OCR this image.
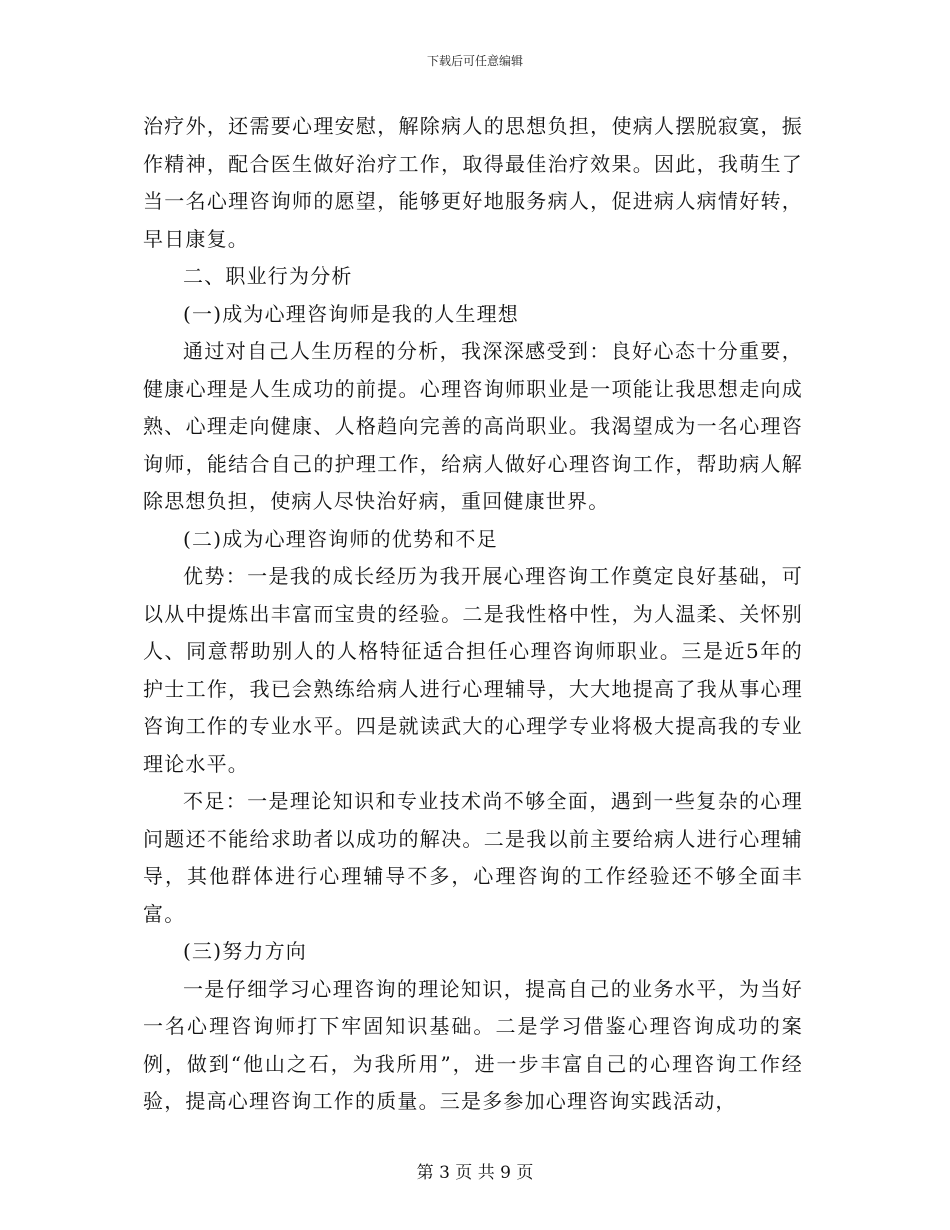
下载后可任意编辑

治疗外，还需要心理安慰，解除病人的思想负担，使病人摆脱寂寞，振作精神，配合医生做好治疗工作，取得最佳治疗效果。因此，我萌生了当一名心理咨询师的愿望，能够更好地服务病人，促进病人病情好转，早日康复。

二、职业行为分析

(一)成为心理咨询师是我的人生理想

通过对自己人生历程的分析，我深深感受到：良好心态十分重要，健康心理是人生成功的前提。心理咨询师职业是一项能让我思想走向成熟、心理走向健康、人格趋向完善的高尚职业。我渴望成为一名心理咨询师，能结合自己的护理工作，给病人做好心理咨询工作，帮助病人解除思想负担，使病人尽快治好病，重回健康世界。

(二)成为心理咨询师的优势和不足

优势：一是我的成长经历为我开展心理咨询工作奠定良好基础，可以从中提炼出丰富而宝贵的经验。二是我性格中性，为人温柔、关怀别人、同意帮助别人的人格特征适合担任心理咨询师职业。三是近5年的护士工作，我已会熟练给病人进行心理辅导，大大地提高了我从事心理咨询工作的专业水平。四是就读武大的心理学专业将极大提高我的专业理论水平。

不足：一是理论知识和专业技术尚不够全面，遇到一些复杂的心理问题还不能给求助者以成功的解决。二是我以前主要给病人进行心理辅导，其他群体进行心理辅导不多，心理咨询的工作经验还不够全面丰富。

(三)努力方向

一是仔细学习心理咨询的理论知识，提高自己的业务水平，为当好一名心理咨询师打下牢固知识基础。二是学习借鉴心理咨询成功的案例，做到“他山之石，为我所用”，进一步丰富自己的心理咨询工作经验，提高心理咨询工作的质量。三是多参加心理咨询实践活动，

第 3 页 共 9 页
